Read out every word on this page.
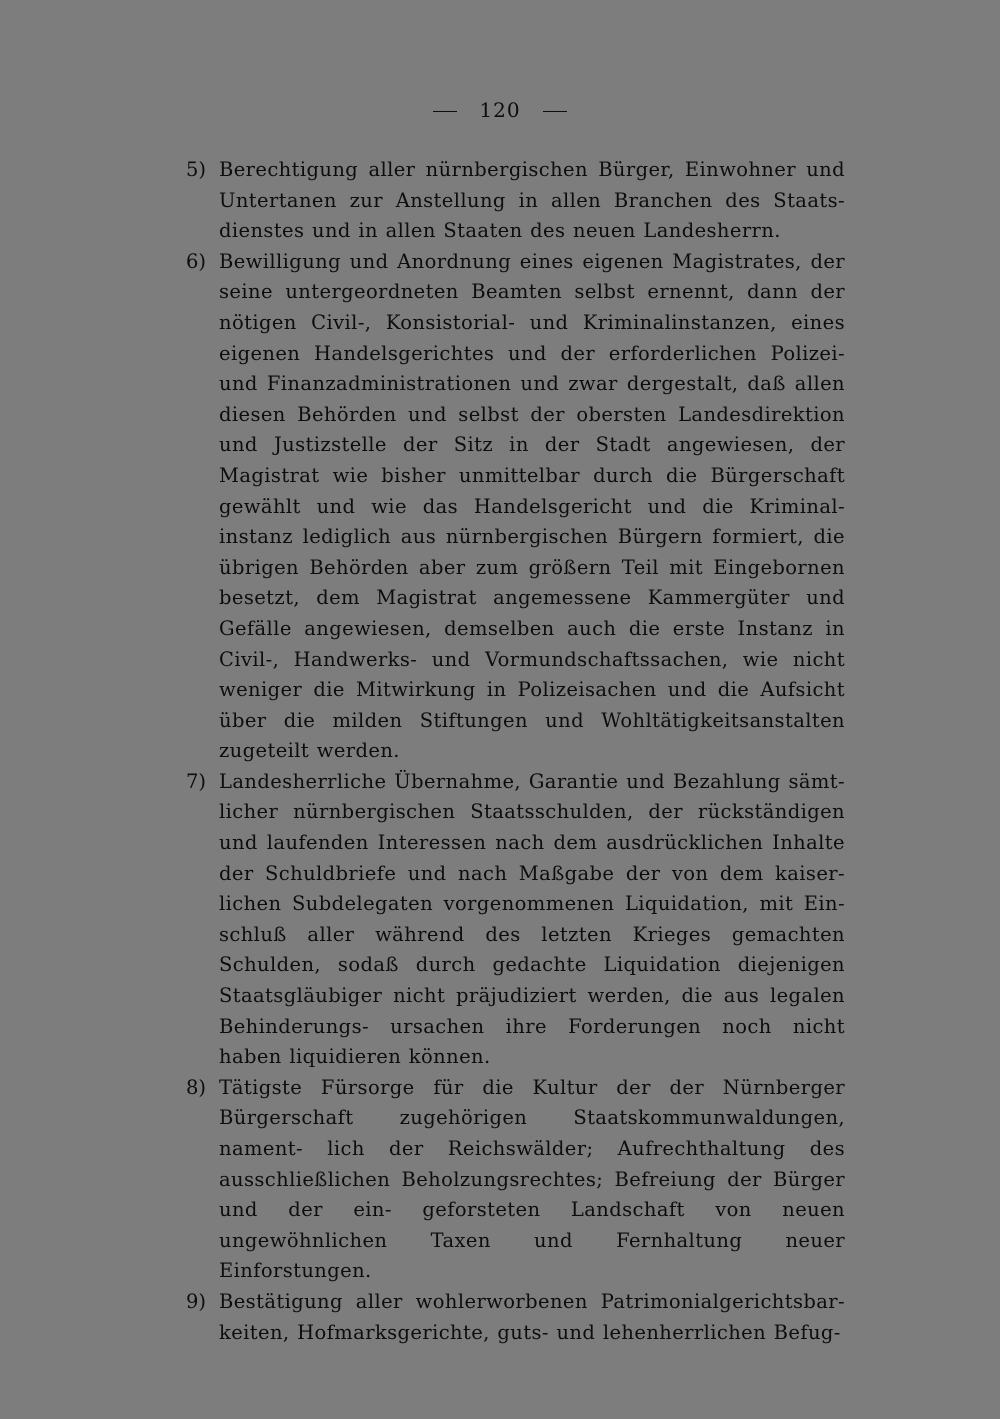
120
5) Berechtigung aller nürnbergischen Bürger, Einwohner und Untertanen zur Anstellung in allen Branchen des Staats- dienstes und in allen Staaten des neuen Landesherrn.
6) Bewilligung und Anordnung eines eigenen Magistrates, der seine untergeordneten Beamten selbst ernennt, dann der nötigen Civil-, Konsistorial- und Kriminalinstanzen, eines eigenen Handelsgerichtes und der erforderlichen Polizei- und Finanzadministrationen und zwar dergestalt, daß allen diesen Behörden und selbst der obersten Landesdirektion und Justizstelle der Sitz in der Stadt angewiesen, der Magistrat wie bisher unmittelbar durch die Bürgerschaft gewählt und wie das Handelsgericht und die Kriminal- instanz lediglich aus nürnbergischen Bürgern formiert, die übrigen Behörden aber zum größern Teil mit Eingebornen besetzt, dem Magistrat angemessene Kammergüter und Gefälle angewiesen, demselben auch die erste Instanz in Civil-, Handwerks- und Vormundschaftssachen, wie nicht weniger die Mitwirkung in Polizeisachen und die Aufsicht über die milden Stiftungen und Wohltätigkeitsanstalten zugeteilt werden.
7) Landesherrliche Übernahme, Garantie und Bezahlung sämt- licher nürnbergischen Staatsschulden, der rückständigen und laufenden Interessen nach dem ausdrücklichen Inhalte der Schuldbriefe und nach Maßgabe der von dem kaiser- lichen Subdelegaten vorgenommenen Liquidation, mit Ein- schluß aller während des letzten Krieges gemachten Schulden, sodaß durch gedachte Liquidation diejenigen Staatsgläubiger nicht präjudiziert werden, die aus legalen Behinderungs- ursachen ihre Forderungen noch nicht haben liquidieren können.
8) Tätigste Fürsorge für die Kultur der der Nürnberger Bürgerschaft zugehörigen Staatskommunwaldungen, nament- lich der Reichswälder; Aufrechthaltung des ausschließlichen Beholzungsrechtes; Befreiung der Bürger und der ein- geforsteten Landschaft von neuen ungewöhnlichen Taxen und Fernhaltung neuer Einforstungen.
9) Bestätigung aller wohlerworbenen Patrimonialgerichtsbar- keiten, Hofmarksgerichte, guts- und lehenherrlichen Befug-
